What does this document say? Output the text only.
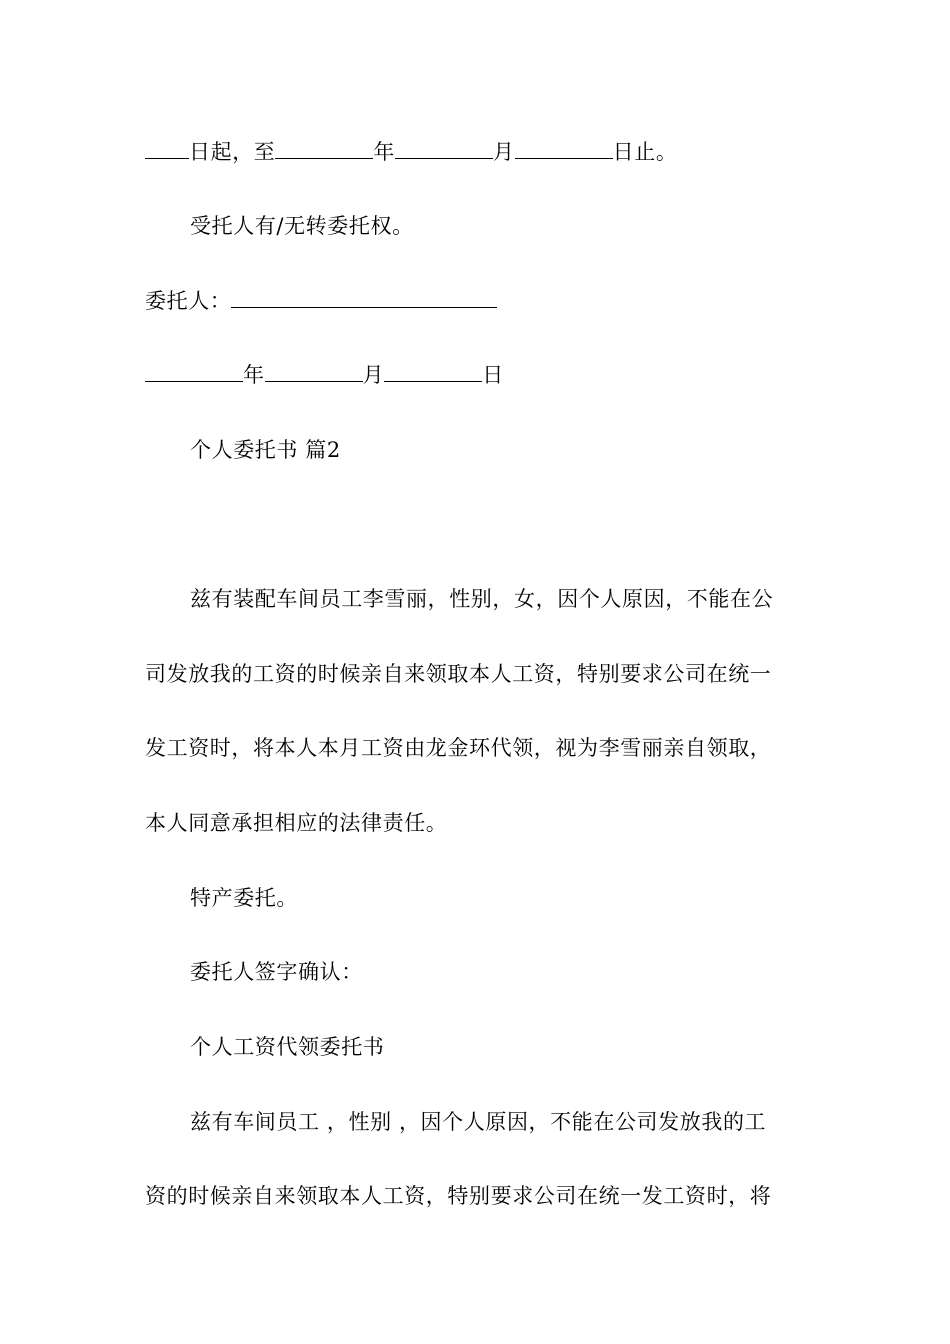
日起，至	年	月	日止。
受托人有/无转委托权。
委托人：
年	月	日
个人委托书 篇2
兹有装配车间员工李雪丽，性别，女，因个人原因，不能在公
司发放我的工资的时候亲自来领取本人工资，特别要求公司在统一
发工资时，将本人本月工资由龙金环代领，视为李雪丽亲自领取，
本人同意承担相应的法律责任。
特产委托。
委托人签字确认：
个人工资代领委托书
兹有车间员工 ，性别 ，因个人原因，不能在公司发放我的工
资的时候亲自来领取本人工资，特别要求公司在统一发工资时，将
